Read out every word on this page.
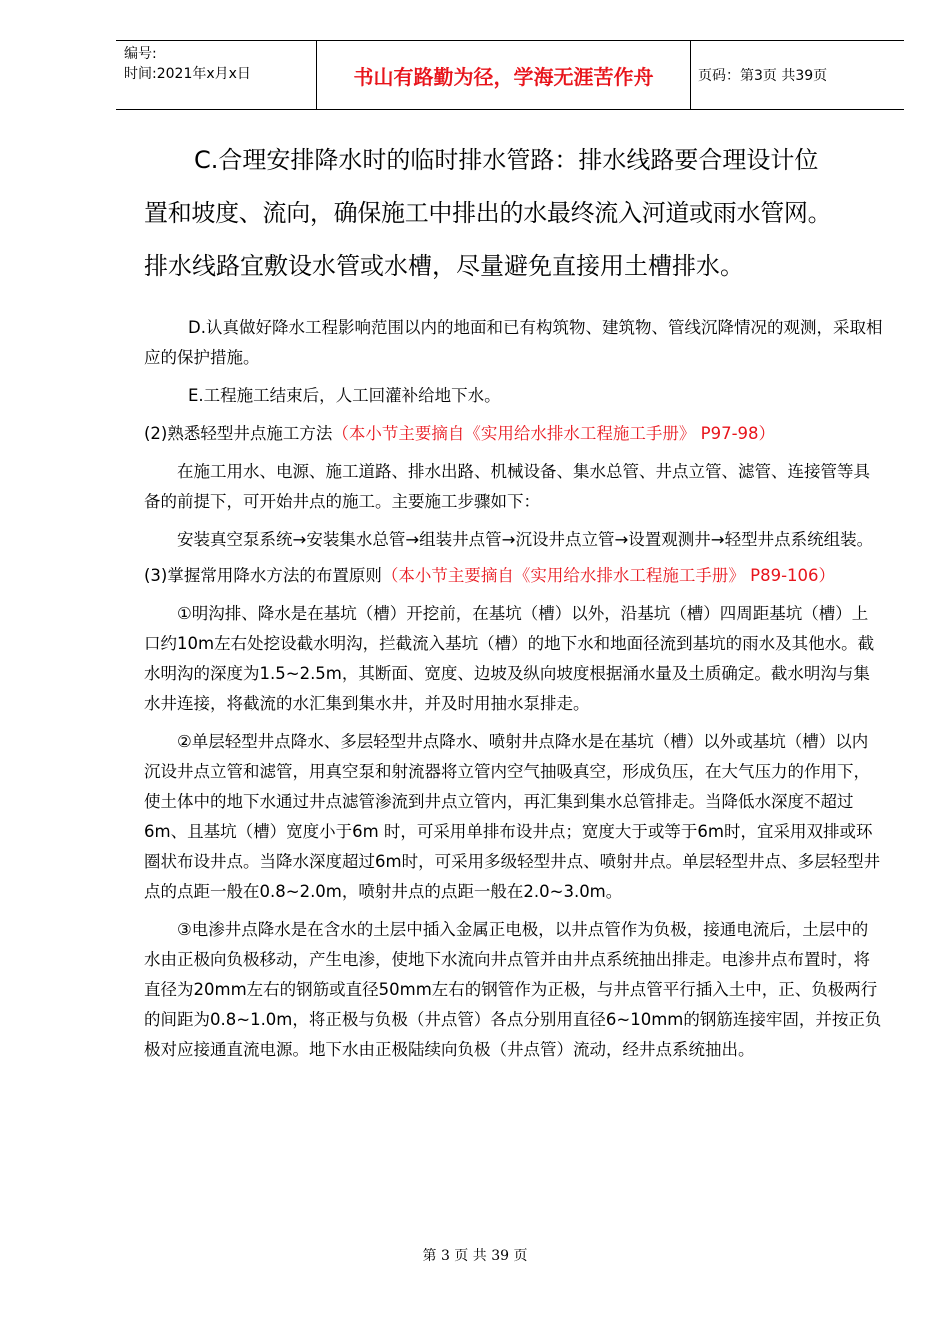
编号:
时间:2021年x月x日	书山有路勤为径，学海无涯苦作舟	页码：第3页 共39页

C.合理安排降水时的临时排水管路：排水线路要合理设计位

置和坡度、流向，确保施工中排出的水最终流入河道或雨水管网。

排水线路宜敷设水管或水槽，尽量避免直接用土槽排水。

D.认真做好降水工程影响范围以内的地面和已有构筑物、建筑物、管线沉降情况的观测，采取相应的保护措施。

E.工程施工结束后，人工回灌补给地下水。

(2)熟悉轻型井点施工方法（本小节主要摘自《实用给水排水工程施工手册》 P97-98）

在施工用水、电源、施工道路、排水出路、机械设备、集水总管、井点立管、滤管、连接管等具备的前提下，可开始井点的施工。主要施工步骤如下：

安装真空泵系统→安装集水总管→组装井点管→沉设井点立管→设置观测井→轻型井点系统组装。

(3)掌握常用降水方法的布置原则（本小节主要摘自《实用给水排水工程施工手册》 P89-106）

①明沟排、降水是在基坑（槽）开挖前，在基坑（槽）以外，沿基坑（槽）四周距基坑（槽）上口约10m左右处挖设截水明沟，拦截流入基坑（槽）的地下水和地面径流到基坑的雨水及其他水。截水明沟的深度为1.5~2.5m，其断面、宽度、边坡及纵向坡度根据涌水量及土质确定。截水明沟与集水井连接，将截流的水汇集到集水井，并及时用抽水泵排走。

②单层轻型井点降水、多层轻型井点降水、喷射井点降水是在基坑（槽）以外或基坑（槽）以内沉设井点立管和滤管，用真空泵和射流器将立管内空气抽吸真空，形成负压，在大气压力的作用下，使土体中的地下水通过井点滤管渗流到井点立管内，再汇集到集水总管排走。当降低水深度不超过6m、且基坑（槽）宽度小于6m 时，可采用单排布设井点；宽度大于或等于6m时，宜采用双排或环圈状布设井点。当降水深度超过6m时，可采用多级轻型井点、喷射井点。单层轻型井点、多层轻型井点的点距一般在0.8~2.0m，喷射井点的点距一般在2.0~3.0m。

③电渗井点降水是在含水的土层中插入金属正电极，以井点管作为负极，接通电流后，土层中的水由正极向负极移动，产生电渗，使地下水流向井点管并由井点系统抽出排走。电渗井点布置时，将直径为20mm左右的钢筋或直径50mm左右的钢管作为正极，与井点管平行插入土中，正、负极两行的间距为0.8~1.0m，将正极与负极（井点管）各点分别用直径6~10mm的钢筋连接牢固，并按正负极对应接通直流电源。地下水由正极陆续向负极（井点管）流动，经井点系统抽出。

第 3 页 共 39 页
